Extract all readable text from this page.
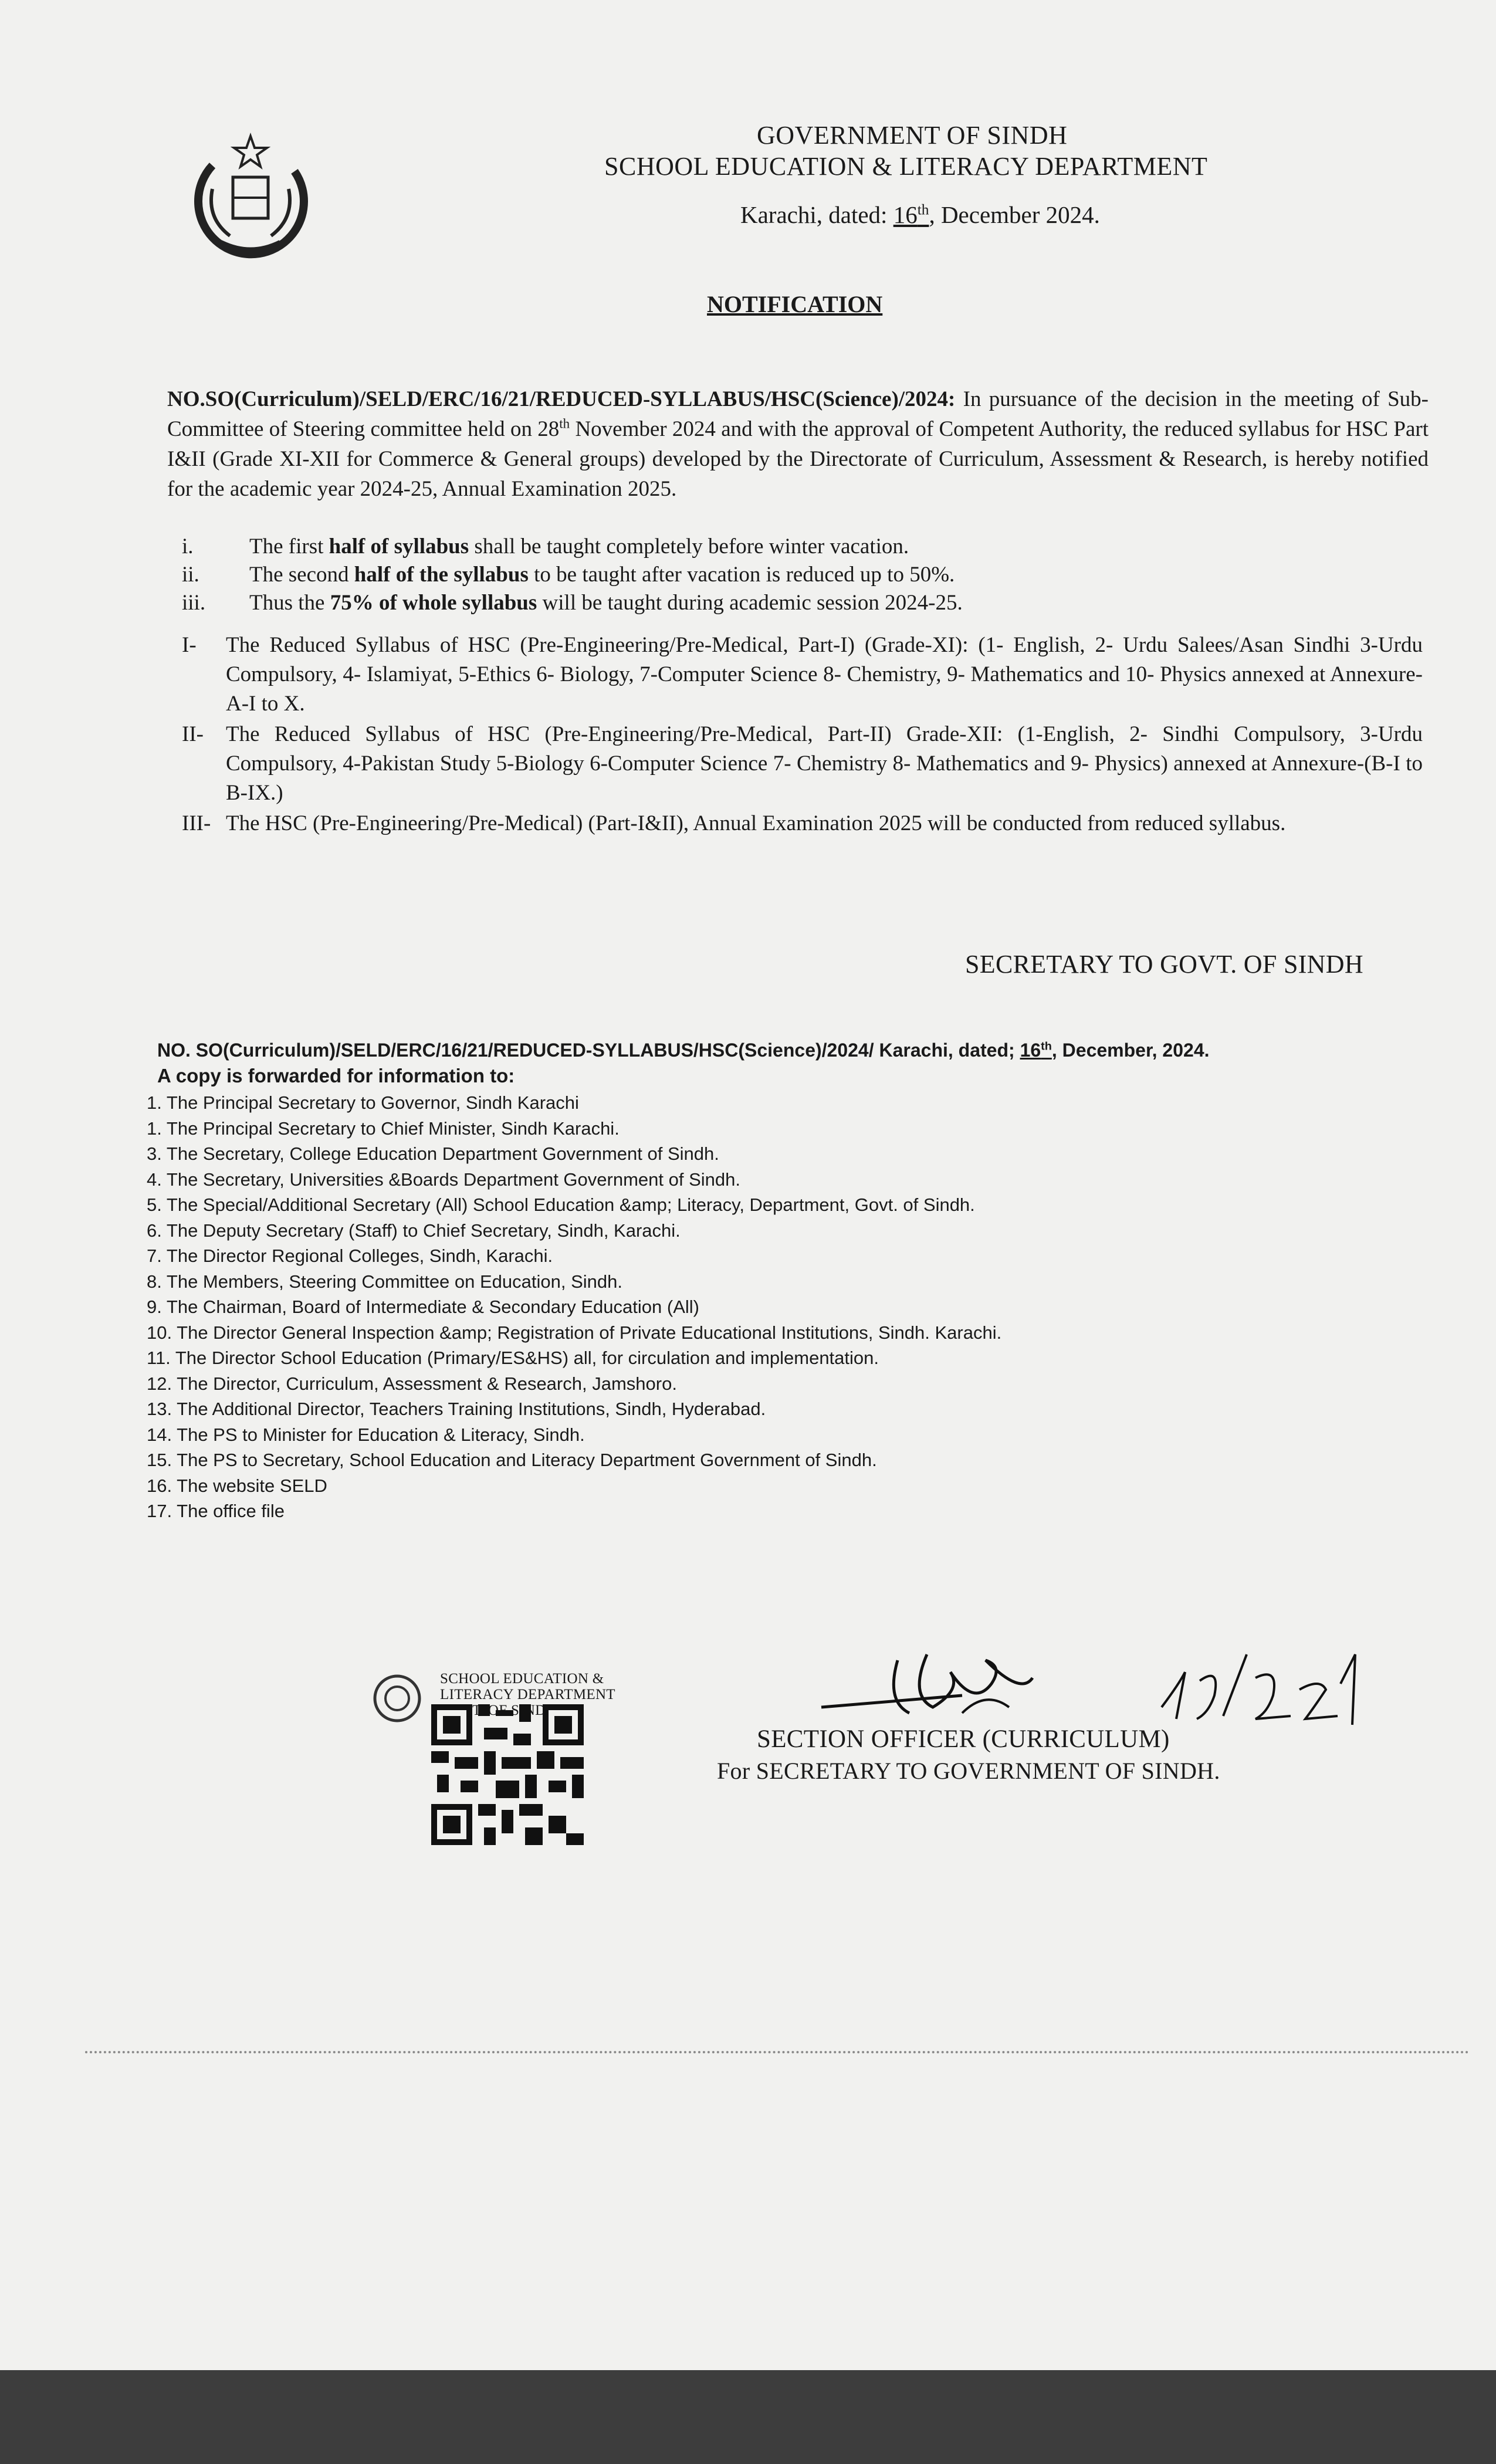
GOVERNMENT OF SINDH
SCHOOL EDUCATION & LITERACY DEPARTMENT
Karachi, dated: 16th, December 2024.
NOTIFICATION
NO.SO(Curriculum)/SELD/ERC/16/21/REDUCED-SYLLABUS/HSC(Science)/2024: In pursuance of the decision in the meeting of Sub-Committee of Steering committee held on 28th November 2024 and with the approval of Competent Authority, the reduced syllabus for HSC Part I&II (Grade XI-XII for Commerce & General groups) developed by the Directorate of Curriculum, Assessment & Research, is hereby notified for the academic year 2024-25, Annual Examination 2025.
i.	The first half of syllabus shall be taught completely before winter vacation.
ii.	The second half of the syllabus to be taught after vacation is reduced up to 50%.
iii.	Thus the 75% of whole syllabus will be taught during academic session 2024-25.
I-	The Reduced Syllabus of HSC (Pre-Engineering/Pre-Medical, Part-I) (Grade-XI): (1- English, 2- Urdu Salees/Asan Sindhi 3-Urdu Compulsory, 4- Islamiyat, 5-Ethics 6- Biology, 7-Computer Science 8- Chemistry, 9- Mathematics and 10- Physics annexed at Annexure-A-I to X.
II-	The Reduced Syllabus of HSC (Pre-Engineering/Pre-Medical, Part-II) Grade-XII: (1-English, 2- Sindhi Compulsory, 3-Urdu Compulsory, 4-Pakistan Study 5-Biology 6-Computer Science 7- Chemistry 8- Mathematics and 9- Physics) annexed at Annexure-(B-I to B-IX.)
III- The HSC (Pre-Engineering/Pre-Medical) (Part-I&II), Annual Examination 2025 will be conducted from reduced syllabus.
SECRETARY TO GOVT. OF SINDH
NO. SO(Curriculum)/SELD/ERC/16/21/REDUCED-SYLLABUS/HSC(Science)/2024/ Karachi, dated; 16th, December, 2024.
A copy is forwarded for information to:
1. The Principal Secretary to Governor, Sindh Karachi
1. The Principal Secretary to Chief Minister, Sindh Karachi.
3. The Secretary, College Education Department Government of Sindh.
4. The Secretary, Universities &Boards Department Government of Sindh.
5. The Special/Additional Secretary (All) School Education &amp; Literacy, Department, Govt. of Sindh.
6. The Deputy Secretary (Staff) to Chief Secretary, Sindh, Karachi.
7. The Director Regional Colleges, Sindh, Karachi.
8. The Members, Steering Committee on Education, Sindh.
9. The Chairman, Board of Intermediate & Secondary Education (All)
10. The Director General Inspection &amp; Registration of Private Educational Institutions, Sindh. Karachi.
11. The Director School Education (Primary/ES&HS) all, for circulation and implementation.
12. The Director, Curriculum, Assessment & Research, Jamshoro.
13. The Additional Director, Teachers Training Institutions, Sindh, Hyderabad.
14. The PS to Minister for Education & Literacy, Sindh.
15. The PS to Secretary, School Education and Literacy Department Government of Sindh.
16. The website SELD
17. The office file
SCHOOL EDUCATION &
LITERACY DEPARTMENT
SINDH
SECTION OFFICER (CURRICULUM)
For SECRETARY TO GOVERNMENT OF SINDH.
